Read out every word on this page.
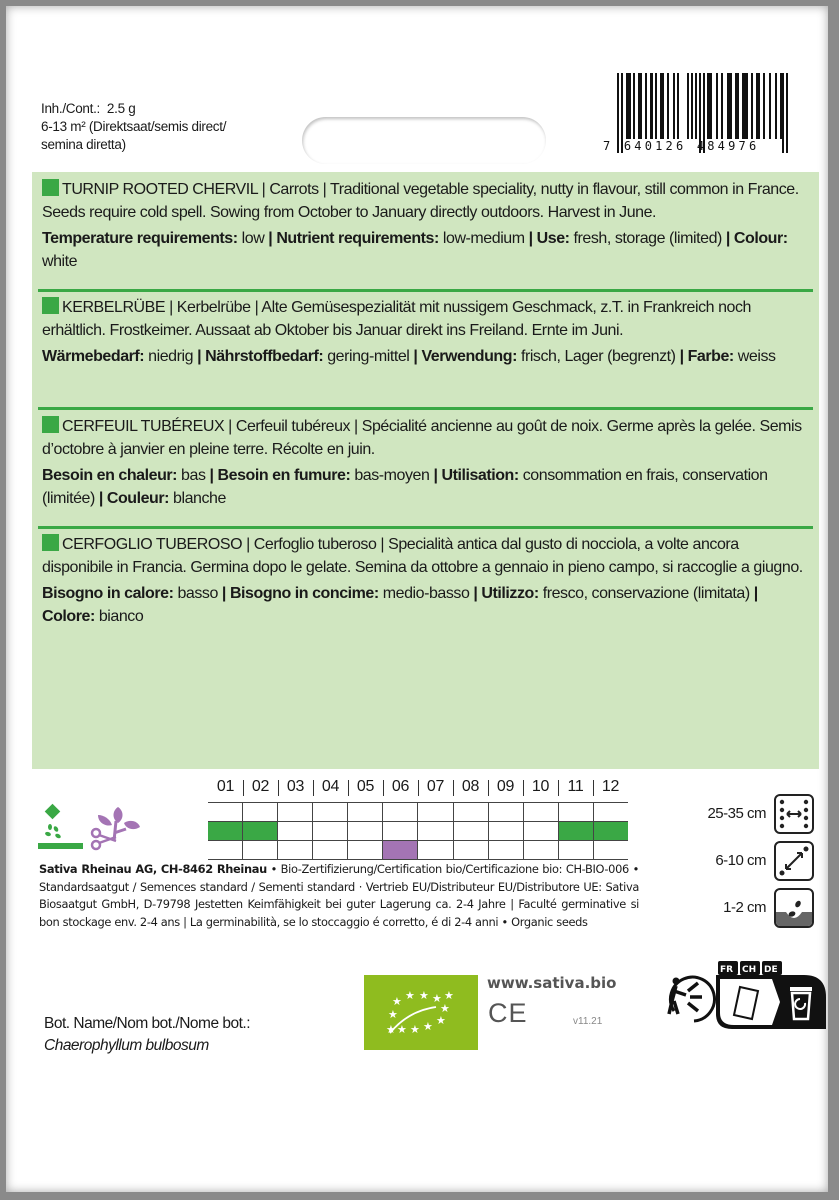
Inh./Cont.: 2.5 g
6-13 m² (Direktsaat/semis direct/
semina diretta)	7 640126 484976

TURNIP ROOTED CHERVIL | Carrots | Traditional vegetable speciality, nutty in flavour, still common in France. Seeds require cold spell. Sowing from October to January directly outdoors. Harvest in June.

Temperature requirements: low | Nutrient requirements: low-medium | Use: fresh, storage (limited) | Colour: white

KERBELRÜBE | Kerbelrübe | Alte Gemüsespezialität mit nussigem Geschmack, z.T. in Frankreich noch erhältlich. Frostkeimer. Aussaat ab Oktober bis Januar direkt ins Freiland. Ernte im Juni.

Wärmebedarf: niedrig | Nährstoffbedarf: gering-mittel | Verwendung: frisch, Lager (begrenzt) | Farbe: weiss

CERFEUIL TUBÉREUX | Cerfeuil tubéreux | Spécialité ancienne au goût de noix. Germe après la gelée. Semis d’octobre à janvier en pleine terre. Récolte en juin.

Besoin en chaleur: bas | Besoin en fumure: bas-moyen | Utilisation: consommation en frais, conservation (limitée) | Couleur: blanche

CERFOGLIO TUBEROSO | Cerfoglio tuberoso | Specialità antica dal gusto di nocciola, a volte ancora disponibile in Francia. Germina dopo le gelate. Semina da ottobre a gennaio in pieno campo, si raccoglie a giugno.

Bisogno in calore: basso | Bisogno in concime: medio-basso | Utilizzo: fresco, conservazione (limitata) | Colore: bianco

01	02	03	04	05	06	07	08	09	10	11	12
25-35 cm
6-10 cm
1-2 cm
Sativa Rheinau AG, CH-8462 Rheinau • Bio-Zertifizierung/Certification bio/Certificazione bio: CH-BIO-006 • Standardsaatgut / Semences standard / Sementi standard · Vertrieb EU/Distributeur EU/Distributore UE: Sativa Biosaatgut GmbH, D-79798 Jestetten Keimfähigkeit bei guter Lagerung ca. 2-4 Jahre | Faculté germinative si bon stockage env. 2-4 ans | La germinabilità, se lo stoccaggio é corretto, é di 2-4 anni • Organic seeds
Bot. Name/Nom bot./Nome bot.:
Chaerophyllum bulbosum
★ ★ ★ ★ ★
★
★
★
★ ★ ★
★
www.sativa.bio
CE	v11.21
FR CH DE
